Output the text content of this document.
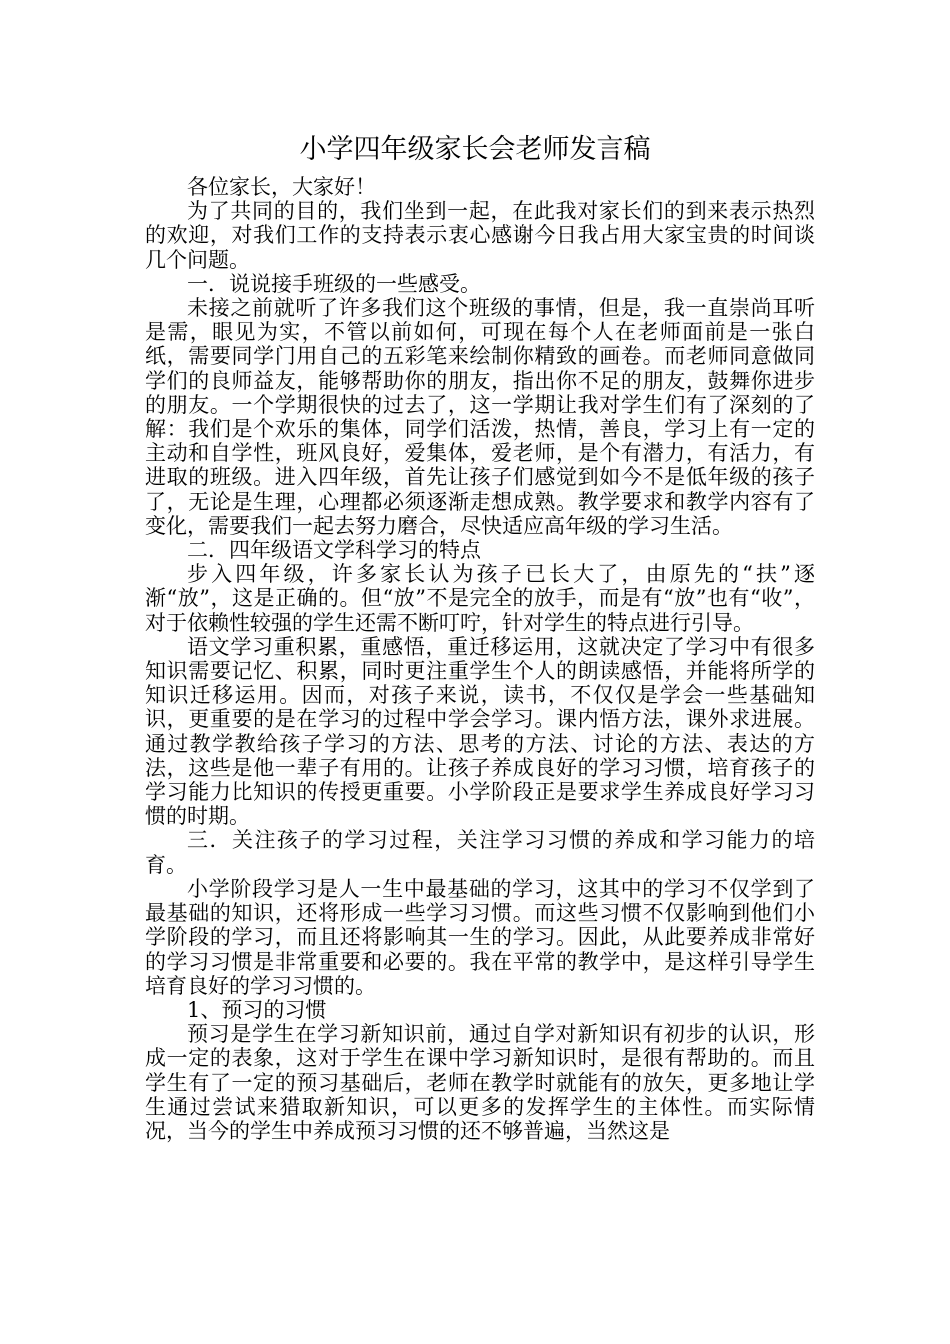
小学四年级家长会老师发言稿

各位家长，大家好！

为了共同的目的，我们坐到一起，在此我对家长们的到来表示热烈的欢迎，对我们工作的支持表示衷心感谢今日我占用大家宝贵的时间谈几个问题。

一．说说接手班级的一些感受。

未接之前就听了许多我们这个班级的事情，但是，我一直崇尚耳听是需，眼见为实，不管以前如何，可现在每个人在老师面前是一张白纸，需要同学门用自己的五彩笔来绘制你精致的画卷。而老师同意做同学们的良师益友，能够帮助你的朋友，指出你不足的朋友，鼓舞你进步的朋友。一个学期很快的过去了，这一学期让我对学生们有了深刻的了解：我们是个欢乐的集体，同学们活泼，热情，善良，学习上有一定的主动和自学性，班风良好，爱集体，爱老师，是个有潜力，有活力，有进取的班级。进入四年级，首先让孩子们感觉到如今不是低年级的孩子了，无论是生理，心理都必须逐渐走想成熟。教学要求和教学内容有了变化，需要我们一起去努力磨合，尽快适应高年级的学习生活。

二．四年级语文学科学习的特点

步入四年级，许多家长认为孩子已长大了，由原先的“扶”逐渐“放”，这是正确的。但“放”不是完全的放手，而是有“放”也有“收”，对于依赖性较强的学生还需不断叮咛，针对学生的特点进行引导。

语文学习重积累，重感悟，重迁移运用，这就决定了学习中有很多知识需要记忆、积累，同时更注重学生个人的朗读感悟，并能将所学的知识迁移运用。因而，对孩子来说，读书，不仅仅是学会一些基础知识，更重要的是在学习的过程中学会学习。课内悟方法，课外求进展。通过教学教给孩子学习的方法、思考的方法、讨论的方法、表达的方法，这些是他一辈子有用的。让孩子养成良好的学习习惯，培育孩子的学习能力比知识的传授更重要。小学阶段正是要求学生养成良好学习习惯的时期。

三．关注孩子的学习过程，关注学习习惯的养成和学习能力的培育。

小学阶段学习是人一生中最基础的学习，这其中的学习不仅学到了最基础的知识，还将形成一些学习习惯。而这些习惯不仅影响到他们小学阶段的学习，而且还将影响其一生的学习。因此，从此要养成非常好的学习习惯是非常重要和必要的。我在平常的教学中，是这样引导学生培育良好的学习习惯的。

1、预习的习惯

预习是学生在学习新知识前，通过自学对新知识有初步的认识，形成一定的表象，这对于学生在课中学习新知识时，是很有帮助的。而且学生有了一定的预习基础后，老师在教学时就能有的放矢，更多地让学生通过尝试来猎取新知识，可以更多的发挥学生的主体性。而实际情况，当今的学生中养成预习习惯的还不够普遍，当然这是
